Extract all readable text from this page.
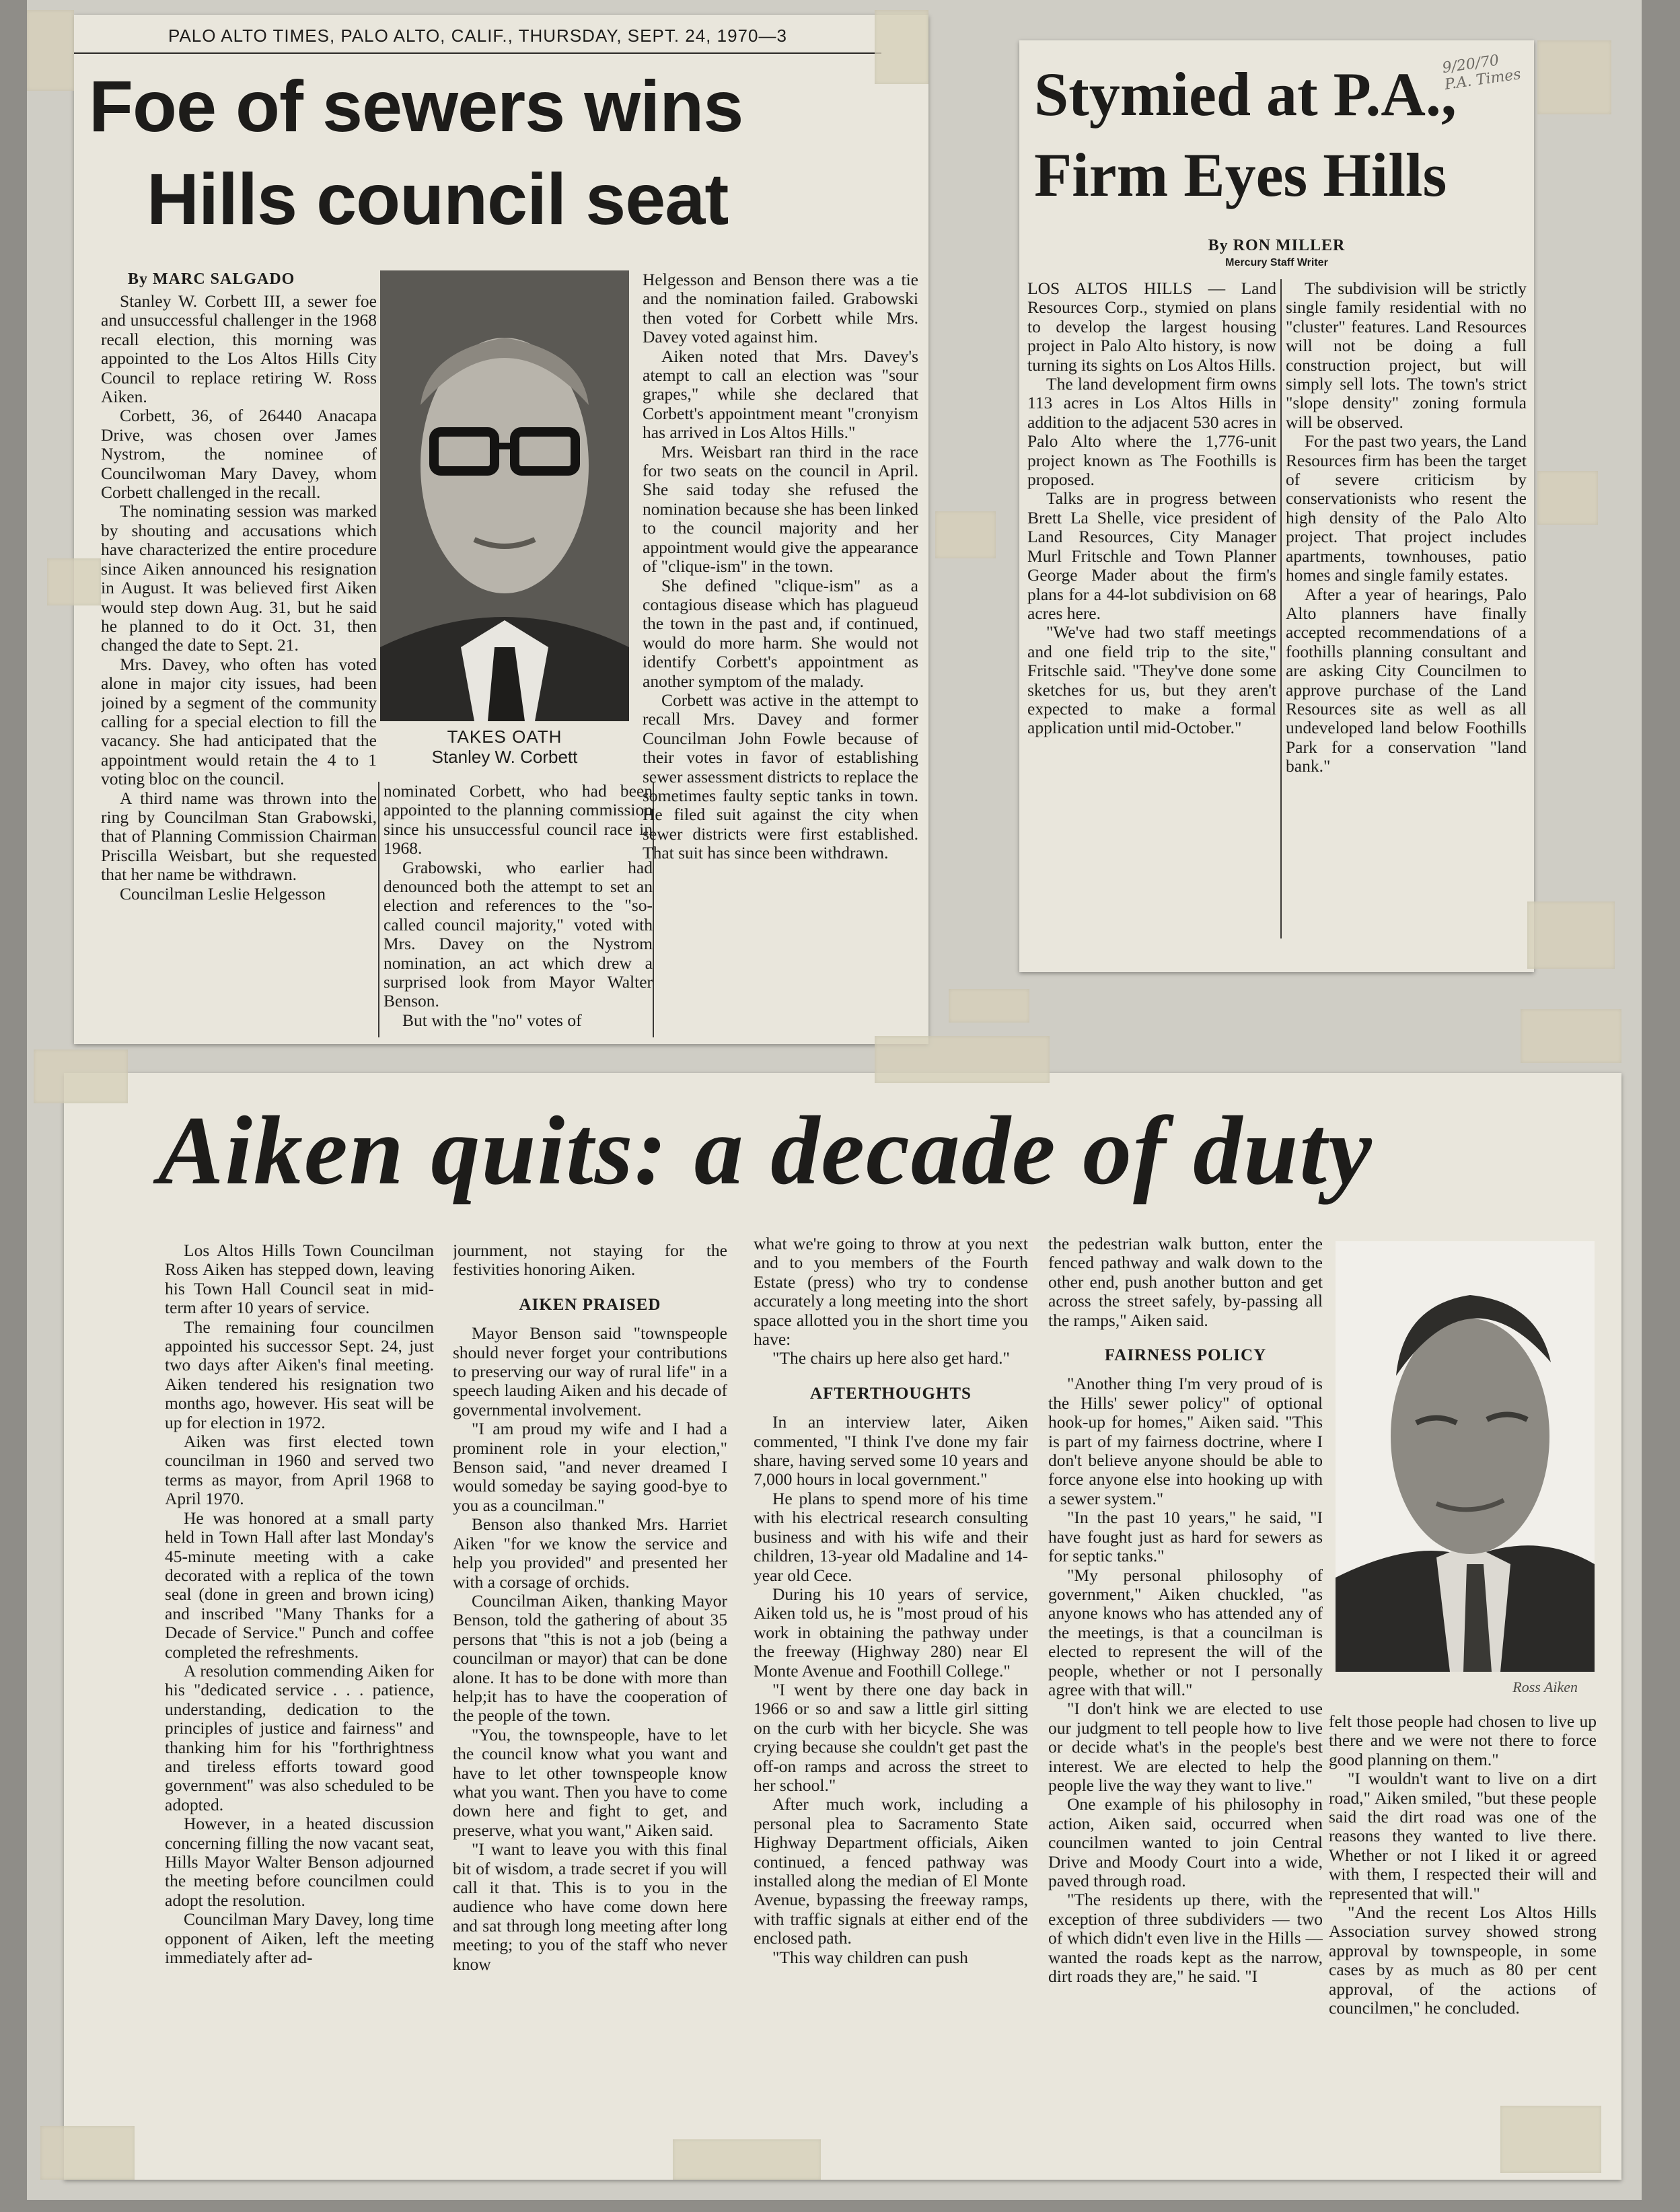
PALO ALTO TIMES, PALO ALTO, CALIF., THURSDAY, SEPT. 24, 1970—3
Foe of sewers wins
Hills council seat
By MARC SALGADO

Stanley W. Corbett III, a sewer foe and unsuccessful challenger in the 1968 recall election, this morning was appointed to the Los Altos Hills City Council to replace retiring W. Ross Aiken.

Corbett, 36, of 26440 Anacapa Drive, was chosen over James Nystrom, the nominee of Councilwoman Mary Davey, whom Corbett challenged in the recall.

The nominating session was marked by shouting and accusations which have characterized the entire procedure since Aiken announced his resignation in August. It was believed first Aiken would step down Aug. 31, but he said he planned to do it Oct. 31, then changed the date to Sept. 21.

Mrs. Davey, who often has voted alone in major city issues, had been joined by a segment of the community calling for a special election to fill the vacancy. She had anticipated that the appointment would retain the 4 to 1 voting bloc on the council.

A third name was thrown into the ring by Councilman Stan Grabowski, that of Planning Commission Chairman Priscilla Weisbart, but she requested that her name be withdrawn.

Councilman Leslie Helgesson

TAKES OATH
Stanley W. Corbett

nominated Corbett, who had been appointed to the planning commission since his unsuccessful council race in 1968.

Grabowski, who earlier had denounced both the attempt to set an election and references to the "so-called council majority," voted with Mrs. Davey on the Nystrom nomination, an act which drew a surprised look from Mayor Walter Benson.

But with the "no" votes of

Helgesson and Benson there was a tie and the nomination failed. Grabowski then voted for Corbett while Mrs. Davey voted against him.

Aiken noted that Mrs. Davey's atempt to call an election was "sour grapes," while she declared that Corbett's appointment meant "cronyism has arrived in Los Altos Hills."

Mrs. Weisbart ran third in the race for two seats on the council in April. She said today she refused the nomination because she has been linked to the council majority and her appointment would give the appearance of "clique-ism" in the town.

She defined "clique-ism" as a contagious disease which has plagueud the town in the past and, if continued, would do more harm. She would not identify Corbett's appointment as another symptom of the malady.

Corbett was active in the attempt to recall Mrs. Davey and former Councilman John Fowle because of their votes in favor of establishing sewer assessment districts to replace the sometimes faulty septic tanks in town. He filed suit against the city when sewer districts were first established. That suit has since been withdrawn.

9/20/70 P.A. Times
Stymied at P.A.,
Firm Eyes Hills
By RON MILLER
Mercury Staff Writer

LOS ALTOS HILLS — Land Resources Corp., stymied on plans to develop the largest housing project in Palo Alto history, is now turning its sights on Los Altos Hills.

The land development firm owns 113 acres in Los Altos Hills in addition to the adjacent 530 acres in Palo Alto where the 1,776-unit project known as The Foothills is proposed.

Talks are in progress between Brett La Shelle, vice president of Land Resources, City Manager Murl Fritschle and Town Planner George Mader about the firm's plans for a 44-lot subdivision on 68 acres here.

"We've had two staff meetings and one field trip to the site," Fritschle said. "They've done some sketches for us, but they aren't expected to make a formal application until mid-October."

The subdivision will be strictly single family residential with no "cluster" features. Land Resources will not be doing a full construction project, but will simply sell lots. The town's strict "slope density" zoning formula will be observed.

For the past two years, the Land Resources firm has been the target of severe criticism by conservationists who resent the high density of the Palo Alto project. That project includes apartments, townhouses, patio homes and single family estates.

After a year of hearings, Palo Alto planners have finally accepted recommendations of a foothills planning consultant and are asking City Councilmen to approve purchase of the Land Resources site as well as all undeveloped land below Foothills Park for a conservation "land bank."

Aiken quits: a decade of duty

Los Altos Hills Town Councilman Ross Aiken has stepped down, leaving his Town Hall Council seat in mid-term after 10 years of service.

The remaining four councilmen appointed his successor Sept. 24, just two days after Aiken's final meeting. Aiken tendered his resignation two months ago, however. His seat will be up for election in 1972.

Aiken was first elected town councilman in 1960 and served two terms as mayor, from April 1968 to April 1970.

He was honored at a small party held in Town Hall after last Monday's 45-minute meeting with a cake decorated with a replica of the town seal (done in green and brown icing) and inscribed "Many Thanks for a Decade of Service." Punch and coffee completed the refreshments.

A resolution commending Aiken for his "dedicated service . . . patience, understanding, dedication to the principles of justice and fairness" and thanking him for his "forthrightness and tireless efforts toward good government" was also scheduled to be adopted.

However, in a heated discussion concerning filling the now vacant seat, Hills Mayor Walter Benson adjourned the meeting before councilmen could adopt the resolution.

Councilman Mary Davey, long time opponent of Aiken, left the meeting immediately after ad-

journment, not staying for the festivities honoring Aiken.

AIKEN PRAISED

Mayor Benson said "townspeople should never forget your contributions to preserving our way of rural life" in a speech lauding Aiken and his decade of governmental involvement.

"I am proud my wife and I had a prominent role in your election," Benson said, "and never dreamed I would someday be saying good-bye to you as a councilman."

Benson also thanked Mrs. Harriet Aiken "for we know the service and help you provided" and presented her with a corsage of orchids.

Councilman Aiken, thanking Mayor Benson, told the gathering of about 35 persons that "this is not a job (being a councilman or mayor) that can be done alone. It has to be done with more than help;it has to have the cooperation of the people of the town.

"You, the townspeople, have to let the council know what you want and have to let other townspeople know what you want. Then you have to come down here and fight to get, and preserve, what you want," Aiken said.

"I want to leave you with this final bit of wisdom, a trade secret if you will call it that. This is to you in the audience who have come down here and sat through long meeting after long meeting; to you of the staff who never know

what we're going to throw at you next and to you members of the Fourth Estate (press) who try to condense accurately a long meeting into the short space allotted you in the short time you have:

"The chairs up here also get hard."

AFTERTHOUGHTS

In an interview later, Aiken commented, "I think I've done my fair share, having served some 10 years and 7,000 hours in local government."

He plans to spend more of his time with his electrical research consulting business and with his wife and their children, 13-year old Madaline and 14-year old Cece.

During his 10 years of service, Aiken told us, he is "most proud of his work in obtaining the pathway under the freeway (Highway 280) near El Monte Avenue and Foothill College."

"I went by there one day back in 1966 or so and saw a little girl sitting on the curb with her bicycle. She was crying because she couldn't get past the off-on ramps and across the street to her school."

After much work, including a personal plea to Sacramento State Highway Department officials, Aiken continued, a fenced pathway was installed along the median of El Monte Avenue, bypassing the freeway ramps, with traffic signals at either end of the enclosed path.

"This way children can push

the pedestrian walk button, enter the fenced pathway and walk down to the other end, push another button and get across the street safely, by-passing all the ramps," Aiken said.

FAIRNESS POLICY

"Another thing I'm very proud of is the Hills' sewer policy" of optional hook-up for homes," Aiken said. "This is part of my fairness doctrine, where I don't believe anyone should be able to force anyone else into hooking up with a sewer system."

"In the past 10 years," he said, "I have fought just as hard for sewers as for septic tanks."

"My personal philosophy of government," Aiken chuckled, "as anyone knows who has attended any of the meetings, is that a councilman is elected to represent the will of the people, whether or not I personally agree with that will."

"I don't hink we are elected to use our judgment to tell people how to live or decide what's in the people's best interest. We are elected to help the people live the way they want to live."

One example of his philosophy in action, Aiken said, occurred when councilmen wanted to join Central Drive and Moody Court into a wide, paved through road.

"The residents up there, with the exception of three subdividers — two of which didn't even live in the Hills — wanted the roads kept as the narrow, dirt roads they are," he said. "I

Ross Aiken

felt those people had chosen to live up there and we were not there to force good planning on them."

"I wouldn't want to live on a dirt road," Aiken smiled, "but these people said the dirt road was one of the reasons they wanted to live there. Whether or not I liked it or agreed with them, I respected their will and represented that will."

"And the recent Los Altos Hills Association survey showed strong approval by townspeople, in some cases by as much as 80 per cent approval, of the actions of councilmen," he concluded.
